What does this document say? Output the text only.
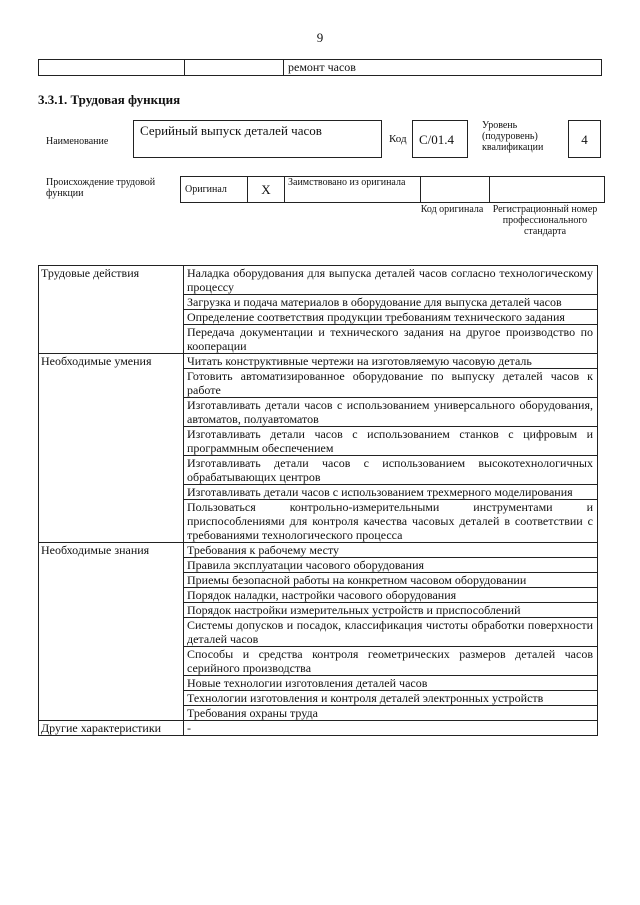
9
		ремонт часов
3.3.1. Трудовая функция
Наименование
Серийный выпуск деталей часов
Код C/01.4
Уровень (подуровень) квалификации
4
Происхождение трудовой функции	Оригинал	X	Заимствовано из оригинала		
Код оригинала Регистрационный номер профессионального стандарта
Трудовые действия	Наладка оборудования для выпуска деталей часов согласно технологическому процессу
	Загрузка и подача материалов в оборудование для выпуска деталей часов
	Определение соответствия продукции требованиям технического задания
	Передача документации и технического задания на другое производство по кооперации
Необходимые умения	Читать конструктивные чертежи на изготовляемую часовую деталь
	Готовить автоматизированное оборудование по выпуску деталей часов к работе
	Изготавливать детали часов с использованием универсального оборудования, автоматов, полуавтоматов
	Изготавливать детали часов с использованием станков с цифровым и программным обеспечением
	Изготавливать детали часов с использованием высокотехнологичных обрабатывающих центров
	Изготавливать детали часов с использованием трехмерного моделирования
	Пользоваться контрольно-измерительными инструментами и приспособлениями для контроля качества часовых деталей в соответствии с требованиями технологического процесса
Необходимые знания	Требования к рабочему месту
	Правила эксплуатации часового оборудования
	Приемы безопасной работы на конкретном часовом оборудовании
	Порядок наладки, настройки часового оборудования
	Порядок настройки измерительных устройств и приспособлений
	Системы допусков и посадок, классификация чистоты обработки поверхности деталей часов
	Способы и средства контроля геометрических размеров деталей часов серийного производства
	Новые технологии изготовления деталей часов
	Технологии изготовления и контроля деталей электронных устройств
	Требования охраны труда
Другие характеристики	-
